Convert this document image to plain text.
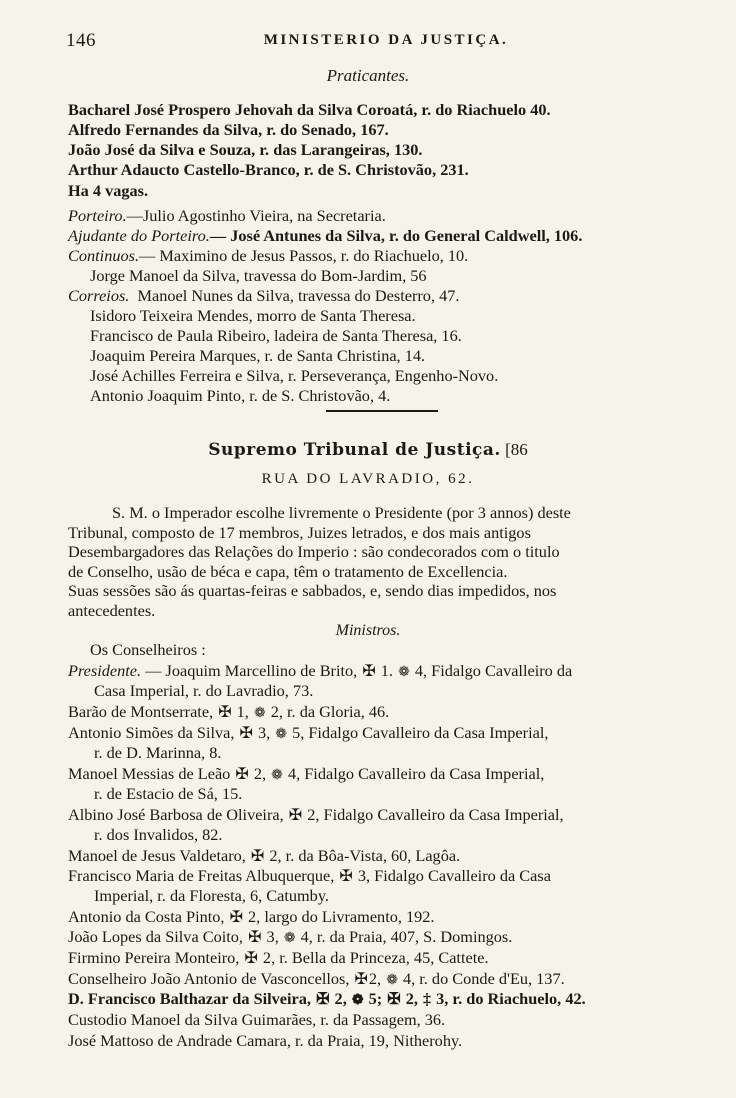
146	MINISTERIO DA JUSTIÇA.
Praticantes.
Bacharel José Prospero Jehovah da Silva Coroatá, r. do Riachuelo 40.
Alfredo Fernandes da Silva, r. do Senado, 167.
João José da Silva e Souza, r. das Larangeiras, 130.
Arthur Adaucto Castello-Branco, r. de S. Christovão, 231.
Ha 4 vagas.
Porteiro.—Julio Agostinho Vieira, na Secretaria.
Ajudante do Porteiro.— José Antunes da Silva, r. do General Caldwell, 106.
Continuos.— Maximino de Jesus Passos, r. do Riachuelo, 10.
Jorge Manoel da Silva, travessa do Bom-Jardim, 56
Correios. Manoel Nunes da Silva, travessa do Desterro, 47.
Isidoro Teixeira Mendes, morro de Santa Theresa.
Francisco de Paula Ribeiro, ladeira de Santa Theresa, 16.
Joaquim Pereira Marques, r. de Santa Christina, 14.
José Achilles Ferreira e Silva, r. Perseverança, Engenho-Novo.
Antonio Joaquim Pinto, r. de S. Christovão, 4.
Supremo Tribunal de Justiça. [86
RUA DO LAVRADIO, 62.
S. M. o Imperador escolhe livremente o Presidente (por 3 annos) deste
Tribunal, composto de 17 membros, Juizes letrados, e dos mais antigos
Desembargadores das Relações do Imperio : são condecorados com o titulo
de Conselho, usão de béca e capa, têm o tratamento de Excellencia.
Suas sessões são ás quartas-feiras e sabbados, e, sendo dias impedidos, nos
antecedentes.
Ministros.
Os Conselheiros :
Presidente. — Joaquim Marcellino de Brito, ✠ 1. ❁ 4, Fidalgo Cavalleiro da
Casa Imperial, r. do Lavradio, 73.
Barão de Montserrate, ✠ 1, ❁ 2, r. da Gloria, 46.
Antonio Simões da Silva, ✠ 3, ❁ 5, Fidalgo Cavalleiro da Casa Imperial,
r. de D. Marinna, 8.
Manoel Messias de Leão ✠ 2, ❁ 4, Fidalgo Cavalleiro da Casa Imperial,
r. de Estacio de Sá, 15.
Albino José Barbosa de Oliveira, ✠ 2, Fidalgo Cavalleiro da Casa Imperial,
r. dos Invalidos, 82.
Manoel de Jesus Valdetaro, ✠ 2, r. da Bôa-Vista, 60, Lagôa.
Francisco Maria de Freitas Albuquerque, ✠ 3, Fidalgo Cavalleiro da Casa
Imperial, r. da Floresta, 6, Catumby.
Antonio da Costa Pinto, ✠ 2, largo do Livramento, 192.
João Lopes da Silva Coito, ✠ 3, ❁ 4, r. da Praia, 407, S. Domingos.
Firmino Pereira Monteiro, ✠ 2, r. Bella da Princeza, 45, Cattete.
Conselheiro João Antonio de Vasconcellos, ✠2, ❁ 4, r. do Conde d'Eu, 137.
D. Francisco Balthazar da Silveira, ✠ 2, ❁ 5; ✠ 2, ‡ 3, r. do Riachuelo, 42.
Custodio Manoel da Silva Guimarães, r. da Passagem, 36.
José Mattoso de Andrade Camara, r. da Praia, 19, Nitherohy.
